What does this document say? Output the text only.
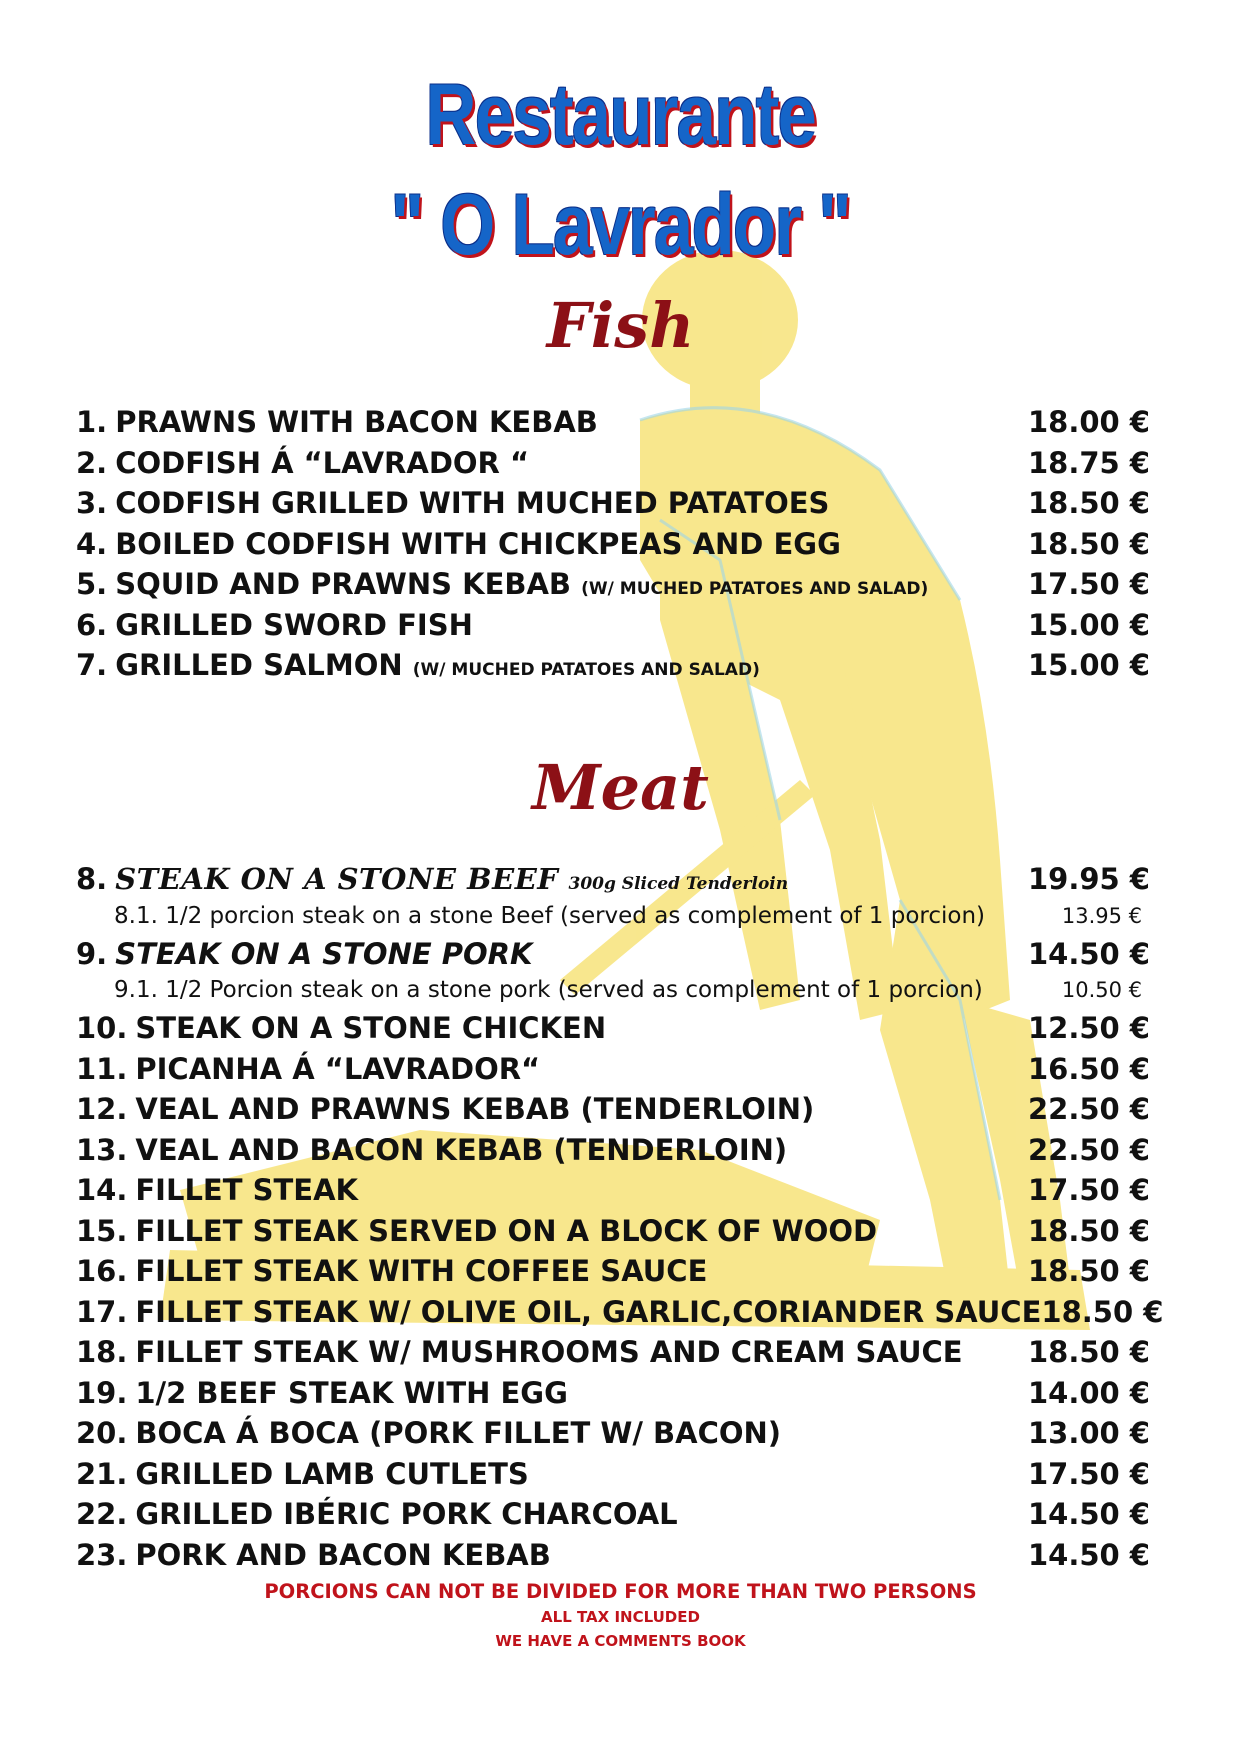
Restaurante
" O Lavrador "
Fish
1. PRAWNS WITH BACON KEBAB	18.00 €
2. CODFISH Á “LAVRADOR “	18.75 €
3. CODFISH GRILLED WITH MUCHED PATATOES	18.50 €
4. BOILED CODFISH WITH CHICKPEAS AND EGG	18.50 €
5. SQUID AND PRAWNS KEBAB (W/ MUCHED PATATOES AND SALAD)	17.50 €
6. GRILLED SWORD FISH	15.00 €
7. GRILLED SALMON (W/ MUCHED PATATOES AND SALAD)	15.00 €
Meat
8. STEAK ON A STONE BEEF 300g Sliced Tenderloin	19.95 €
8.1. 1/2 porcion steak on a stone Beef (served as complement of 1 porcion)	13.95 €
9. STEAK ON A STONE PORK	14.50 €
9.1. 1/2 Porcion steak on a stone pork (served as complement of 1 porcion)	10.50 €
10. STEAK ON A STONE CHICKEN	12.50 €
11. PICANHA Á “LAVRADOR“	16.50 €
12. VEAL AND PRAWNS KEBAB (TENDERLOIN)	22.50 €
13. VEAL AND BACON KEBAB (TENDERLOIN)	22.50 €
14. FILLET STEAK	17.50 €
15. FILLET STEAK SERVED ON A BLOCK OF WOOD	18.50 €
16. FILLET STEAK WITH COFFEE SAUCE	18.50 €
17. FILLET STEAK W/ OLIVE OIL, GARLIC,CORIANDER SAUCE 18.50 €
18. FILLET STEAK W/ MUSHROOMS AND CREAM SAUCE 18.50 €
19. 1/2 BEEF STEAK WITH EGG	14.00 €
20. BOCA Á BOCA (PORK FILLET W/ BACON)	13.00 €
21. GRILLED LAMB CUTLETS	17.50 €
22. GRILLED IBÉRIC PORK CHARCOAL	14.50 €
23. PORK AND BACON KEBAB	14.50 €
PORCIONS CAN NOT BE DIVIDED FOR MORE THAN TWO PERSONS
ALL TAX INCLUDED
WE HAVE A COMMENTS BOOK
